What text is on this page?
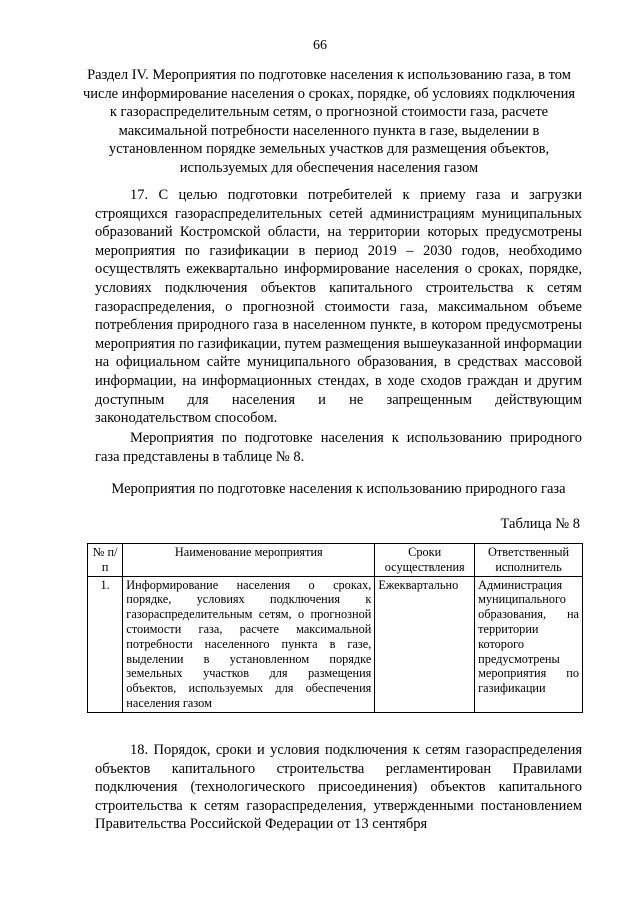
66
Раздел IV. Мероприятия по подготовке населения к использованию газа, в том числе информирование населения о сроках, порядке, об условиях подключения к газораспределительным сетям, о прогнозной стоимости газа, расчете максимальной потребности населенного пункта в газе, выделении в установленном порядке земельных участков для размещения объектов, используемых для обеспечения населения газом

17. С целью подготовки потребителей к приему газа и загрузки строящихся газораспределительных сетей администрациям муниципальных образований Костромской области, на территории которых предусмотрены мероприятия по газификации в период 2019 – 2030 годов, необходимо осуществлять ежеквартально информирование населения о сроках, порядке, условиях подключения объектов капитального строительства к сетям газораспределения, о прогнозной стоимости газа, максимальном объеме потребления природного газа в населенном пункте, в котором предусмотрены мероприятия по газификации, путем размещения вышеуказанной информации на официальном сайте муниципального образования, в средствах массовой информации, на информационных стендах, в ходе сходов граждан и другим доступным для населения и не запрещенным действующим законодательством способом.

Мероприятия по подготовке населения к использованию природного газа представлены в таблице № 8.

Мероприятия по подготовке населения к использованию природного газа
Таблица № 8
№ п/п	Наименование мероприятия	Сроки осуществления	Ответственный исполнитель
1.	Информирование населения о сроках, порядке, условиях подключения к газораспределительным сетям, о прогнозной стоимости газа, расчете максимальной потребности населенного пункта в газе, выделении в установленном порядке земельных участков для размещения объектов, используемых для обеспечения населения газом	Ежеквартально	Администрация муниципального образования, на территории которого предусмотрены мероприятия по газификации

18. Порядок, сроки и условия подключения к сетям газораспределения объектов капитального строительства регламентирован Правилами подключения (технологического присоединения) объектов капитального строительства к сетям газораспределения, утвержденными постановлением Правительства Российской Федерации от 13 сентября
